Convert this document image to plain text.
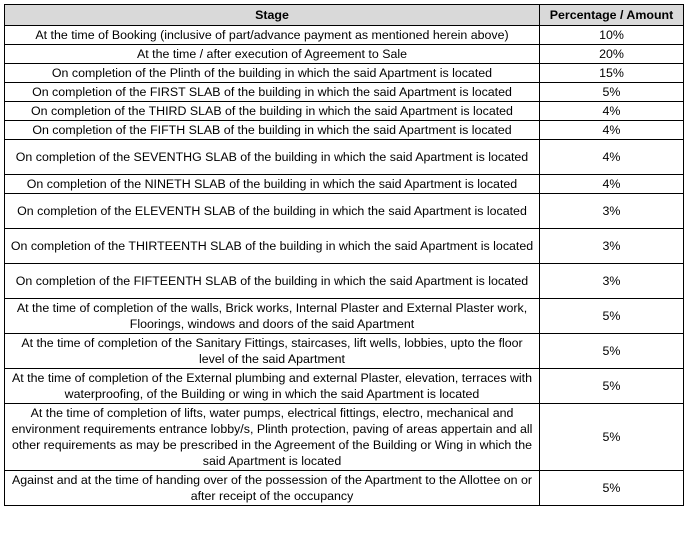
Stage	Percentage / Amount
At the time of Booking (inclusive of part/advance payment as mentioned herein above)	10%
At the time / after execution of Agreement to Sale	20%
On completion of the Plinth of the building in which the said Apartment is located	15%
On completion of the FIRST SLAB of the building in which the said Apartment is located	5%
On completion of the THIRD SLAB of the building in which the said Apartment is located	4%
On completion of the FIFTH SLAB of the building in which the said Apartment is located	4%
On completion of the SEVENTHG SLAB of the building in which the said Apartment is located	4%
On completion of the NINETH SLAB of the building in which the said Apartment is located	4%
On completion of the ELEVENTH SLAB of the building in which the said Apartment is located	3%
On completion of the THIRTEENTH SLAB of the building in which the said Apartment is located	3%
On completion of the FIFTEENTH SLAB of the building in which the said Apartment is located	3%
At the time of completion of the walls, Brick works, Internal Plaster and External Plaster work, Floorings, windows and doors of the said Apartment	5%
At the time of completion of the Sanitary Fittings, staircases, lift wells, lobbies, upto the floor level of the said Apartment	5%
At the time of completion of the External plumbing and external Plaster, elevation, terraces with waterproofing, of the Building or wing in which the said Apartment is located	5%
At the time of completion of lifts, water pumps, electrical fittings, electro, mechanical and environment requirements entrance lobby/s, Plinth protection, paving of areas appertain and all other requirements as may be prescribed in the Agreement of the Building or Wing in which the said Apartment is located	5%
Against and at the time of handing over of the possession of the Apartment to the Allottee on or after receipt of the occupancy	5%
